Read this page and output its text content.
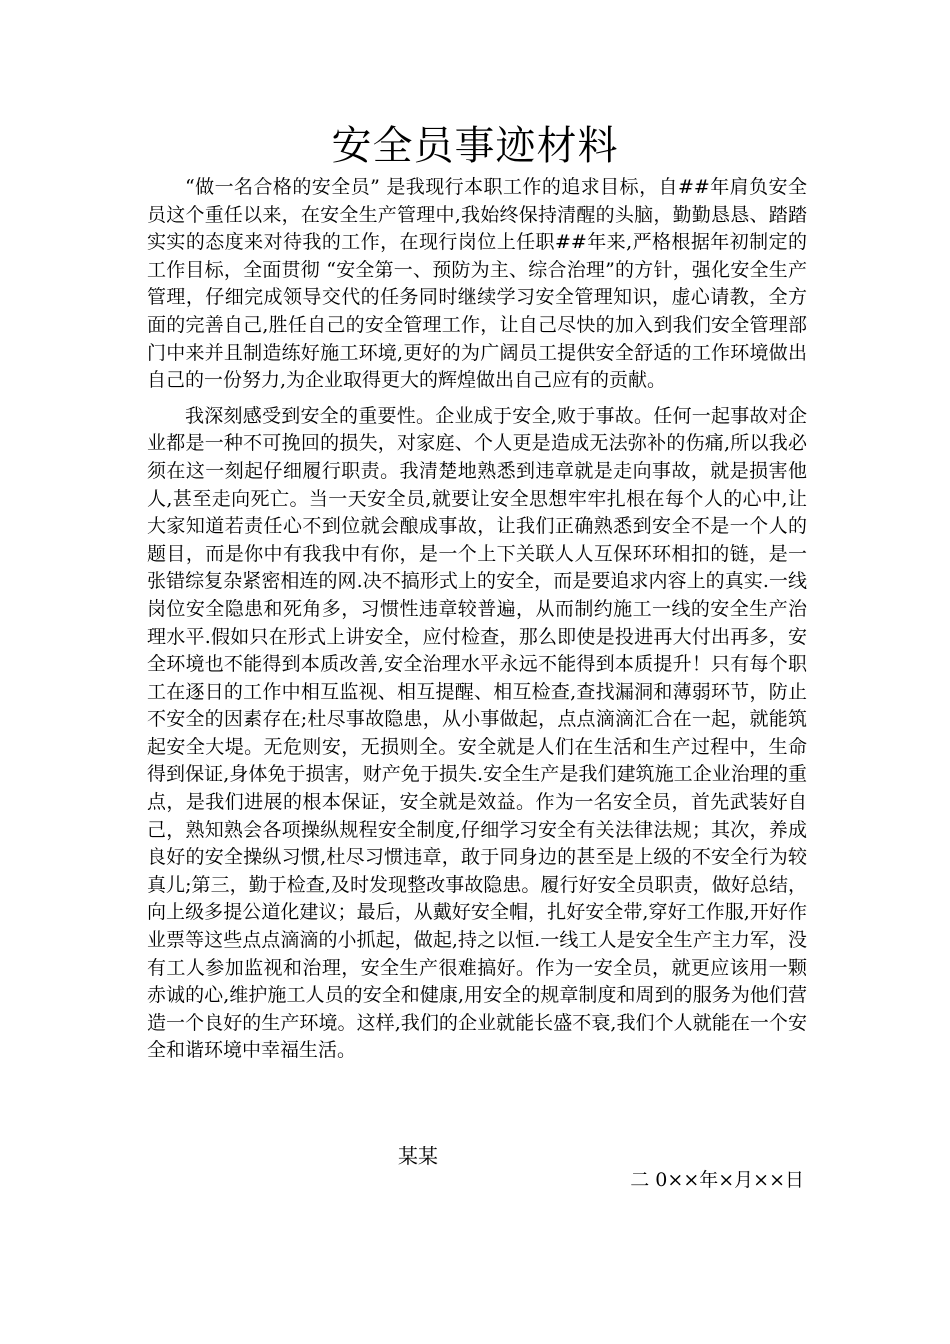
安全员事迹材料

“做一名合格的安全员” 是我现行本职工作的追求目标，自##年肩负安全员这个重任以来，在安全生产管理中,我始终保持清醒的头脑，勤勤恳恳、踏踏实实的态度来对待我的工作，在现行岗位上任职##年来,严格根据年初制定的工作目标，全面贯彻 “安全第一、预防为主、综合治理”的方针，强化安全生产管理，仔细完成领导交代的任务同时继续学习安全管理知识，虚心请教，全方面的完善自己,胜任自己的安全管理工作，让自己尽快的加入到我们安全管理部门中来并且制造练好施工环境,更好的为广阔员工提供安全舒适的工作环境做出自己的一份努力,为企业取得更大的辉煌做出自己应有的贡献。

我深刻感受到安全的重要性。企业成于安全,败于事故。任何一起事故对企业都是一种不可挽回的损失，对家庭、个人更是造成无法弥补的伤痛,所以我必须在这一刻起仔细履行职责。我清楚地熟悉到违章就是走向事故，就是损害他人,甚至走向死亡。当一天安全员,就要让安全思想牢牢扎根在每个人的心中,让大家知道若责任心不到位就会酿成事故，让我们正确熟悉到安全不是一个人的题目，而是你中有我我中有你，是一个上下关联人人互保环环相扣的链，是一张错综复杂紧密相连的网.决不搞形式上的安全，而是要追求内容上的真实.一线岗位安全隐患和死角多，习惯性违章较普遍，从而制约施工一线的安全生产治理水平.假如只在形式上讲安全，应付检查，那么即使是投进再大付出再多，安全环境也不能得到本质改善,安全治理水平永远不能得到本质提升！只有每个职工在逐日的工作中相互监视、相互提醒、相互检查,查找漏洞和薄弱环节，防止不安全的因素存在;杜尽事故隐患，从小事做起，点点滴滴汇合在一起，就能筑起安全大堤。无危则安，无损则全。安全就是人们在生活和生产过程中，生命得到保证,身体免于损害，财产免于损失.安全生产是我们建筑施工企业治理的重点，是我们进展的根本保证，安全就是效益。作为一名安全员，首先武装好自己，熟知熟会各项操纵规程安全制度,仔细学习安全有关法律法规；其次，养成良好的安全操纵习惯,杜尽习惯违章，敢于同身边的甚至是上级的不安全行为较真儿;第三，勤于检查,及时发现整改事故隐患。履行好安全员职责，做好总结，向上级多提公道化建议；最后，从戴好安全帽，扎好安全带,穿好工作服,开好作业票等这些点点滴滴的小抓起，做起,持之以恒.一线工人是安全生产主力军，没有工人参加监视和治理，安全生产很难搞好。作为一安全员，就更应该用一颗赤诚的心,维护施工人员的安全和健康,用安全的规章制度和周到的服务为他们营造一个良好的生产环境。这样,我们的企业就能长盛不衰,我们个人就能在一个安全和谐环境中幸福生活。

某某
二 0××年×月××日
